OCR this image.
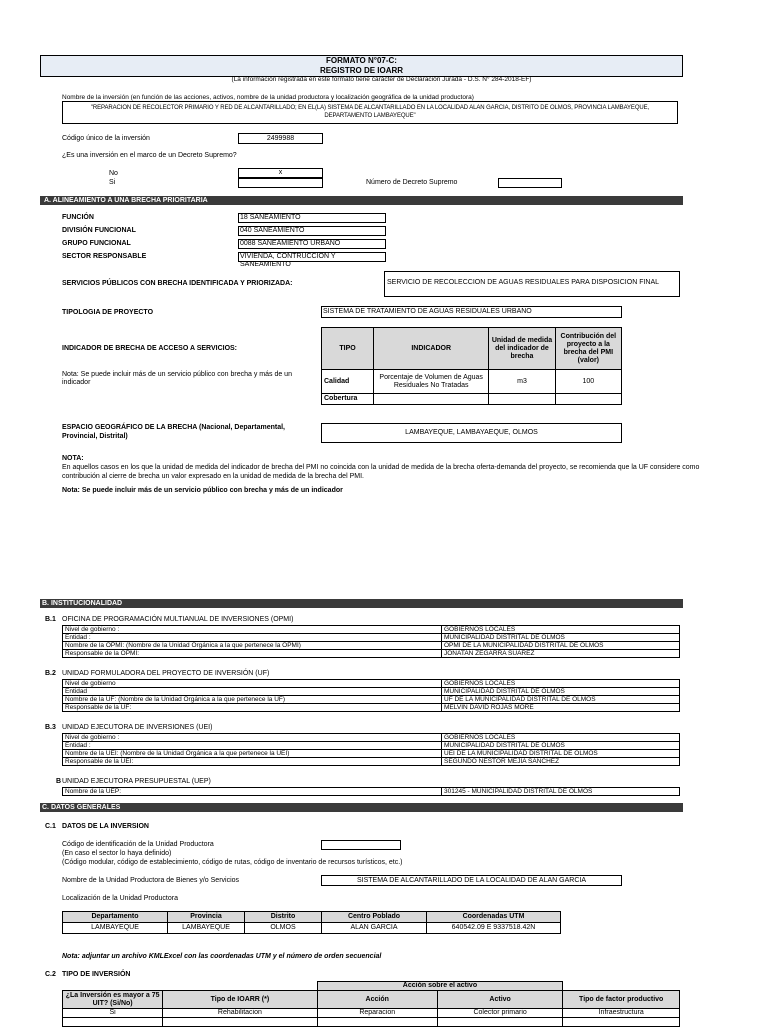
FORMATO N°07-C:
REGISTRO DE IOARR
(La información registrada en este formato tiene carácter de Declaración Jurada - D.S. N° 284-2018-EF)
Nombre de la inversión (en función de las acciones, activos, nombre de la unidad productora y localización geográfica de la unidad productora)
"REPARACION DE RECOLECTOR PRIMARIO Y RED DE ALCANTARILLADO; EN EL(LA) SISTEMA DE ALCANTARILLADO EN LA LOCALIDAD ALAN GARCIA, DISTRITO DE OLMOS, PROVINCIA LAMBAYEQUE, DEPARTAMENTO LAMBAYEQUE"
Código único de la inversión	2499988
¿Es una inversión en el marco de un Decreto Supremo?
No	x
Si	Número de Decreto Supremo
A. ALINEAMIENTO A UNA BRECHA PRIORITARIA
FUNCIÓN	18 SANEAMIENTO
DIVISIÓN FUNCIONAL	040 SANEAMIENTO
GRUPO FUNCIONAL	0088 SANEAMIENTO URBANO
SECTOR RESPONSABLE	VIVIENDA, CONTRUCCION Y SANEAMIENTO
SERVICIOS PÚBLICOS CON BRECHA IDENTIFICADA Y PRIORIZADA:	SERVICIO DE RECOLECCION DE AGUAS RESIDUALES PARA DISPOSICION FINAL
TIPOLOGIA DE PROYECTO	SISTEMA DE TRATAMIENTO DE AGUAS RESIDUALES URBANO
INDICADOR DE BRECHA DE ACCESO A SERVICIOS:
Nota: Se puede incluir más de un servicio público con brecha y más de un indicador
TIPO	INDICADOR	Unidad de medida del indicador de brecha	Contribución del proyecto a la brecha del PMI (valor)
Calidad	Porcentaje de Volumen de Aguas Residuales No Tratadas	m3	100
Cobertura			
ESPACIO GEOGRÁFICO DE LA BRECHA (Nacional, Departamental, Provincial, Distrital)	LAMBAYEQUE, LAMBAYAEQUE, OLMOS
NOTA:
En aquellos casos en los que la unidad de medida del indicador de brecha del PMI no coincida con la unidad de medida de la brecha oferta-demanda del proyecto, se recomienda que la UF considere como contribución al cierre de brecha un valor expresado en la unidad de medida de la brecha del PMI.
Nota: Se puede incluir más de un servicio público con brecha y más de un indicador
B. INSTITUCIONALIDAD
B.1 OFICINA DE PROGRAMACIÓN MULTIANUAL DE INVERSIONES (OPMI)
Nivel de gobierno :	GOBIERNOS LOCALES
Entidad :	MUNICIPALIDAD DISTRITAL DE OLMOS
Nombre de la OPMI: (Nombre de la Unidad Orgánica a la que pertenece la OPMI)	OPMI DE LA MUNICIPALIDAD DISTRITAL DE OLMOS
Responsable de la OPMI:	JONATAN ZEGARRA SUAREZ
B.2 UNIDAD FORMULADORA DEL PROYECTO DE INVERSIÓN (UF)
Nivel de gobierno	GOBIERNOS LOCALES
Entidad	MUNICIPALIDAD DISTRITAL DE OLMOS
Nombre de la UF: (Nombre de la Unidad Orgánica a la que pertenece la UF)	UF DE LA MUNICIPALIDAD DISTRITAL DE OLMOS
Responsable de la UF:	MELVIN DAVID ROJAS MORE
B.3 UNIDAD EJECUTORA DE INVERSIONES (UEI)
Nivel de gobierno :	GOBIERNOS LOCALES
Entidad :	MUNICIPALIDAD DISTRITAL DE OLMOS
Nombre de la UEI: (Nombre de la Unidad Orgánica a la que pertenece la UEI)	UEI DE LA MUNICIPALIDAD DISTRITAL DE OLMOS
Responsable de la UEI:	SEGUNDO NESTOR MEJIA SANCHEZ
B UNIDAD EJECUTORA PRESUPUESTAL (UEP)
Nombre de la UEP:	301245 - MUNICIPALIDAD DISTRITAL DE OLMOS
C. DATOS GENERALES
C.1 DATOS DE LA INVERSION
Código de identificación de la Unidad Productora
(En caso el sector lo haya definido)
(Código modular, código de establecimiento, código de rutas, código de inventario de recursos turísticos, etc.)
Nombre de la Unidad Productora de Bienes y/o Servicios	SISTEMA DE ALCANTARILLADO DE LA LOCALIDAD DE ALAN GARCIA
Localización de la Unidad Productora
Departamento	Provincia	Distrito	Centro Poblado	Coordenadas UTM
LAMBAYEQUE	LAMBAYEQUE	OLMOS	ALAN GARCIA	640542.09 E 9337518.42N
Nota: adjuntar un archivo KMLExcel con las coordenadas UTM y el número de orden secuencial
C.2 TIPO DE INVERSIÓN
		Acción sobre el activo		
¿La Inversión es mayor a 75 UIT? (Si/No)	Tipo de IOARR (*)	Acción	Activo	Tipo de factor productivo
Si	Rehabilitacion	Reparacion	Colector primario	Infraestructura
